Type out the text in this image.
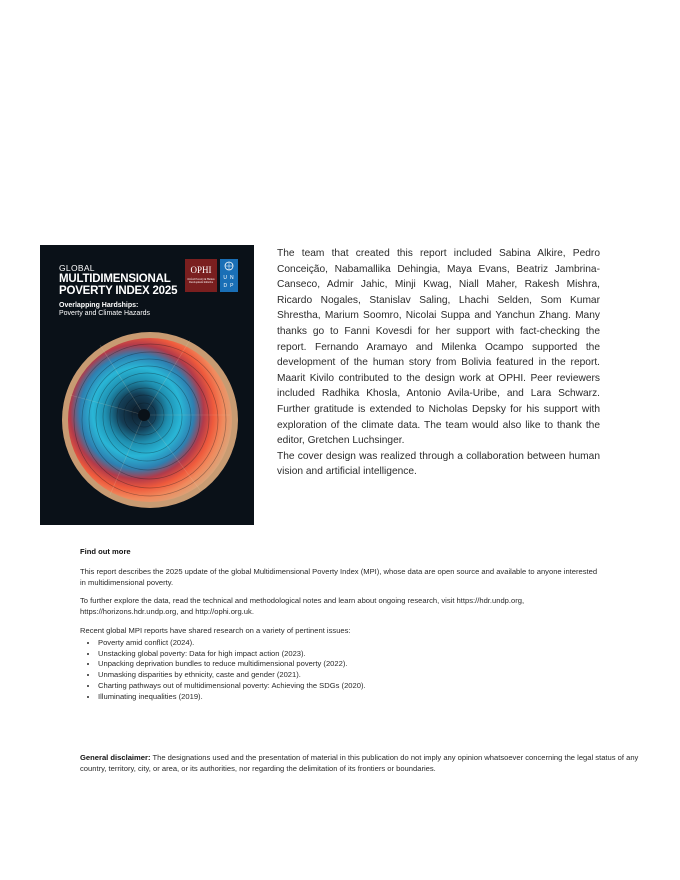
GLOBAL
MULTIDIMENSIONAL
POVERTY INDEX 2025
Overlapping Hardships:
Poverty and Climate Hazards
OPHI
Oxford Poverty & Human Development Initiative
UNDP

The team that created this report included Sabina Alkire, Pedro Conceição, Nabamallika Dehingia, Maya Evans, Beatriz Jambrina-Canseco, Admir Jahic, Minji Kwag, Niall Maher, Rakesh Mishra, Ricardo Nogales, Stanislav Saling, Lhachi Selden, Som Kumar Shrestha, Marium Soomro, Nicolai Suppa and Yanchun Zhang. Many thanks go to Fanni Kovesdi for her support with fact-checking the report. Fernando Aramayo and Milenka Ocampo supported the development of the human story from Bolivia featured in the report. Maarit Kivilo contributed to the design work at OPHI. Peer reviewers included Radhika Khosla, Antonio Avila-Uribe, and Lara Schwarz. Further gratitude is extended to Nicholas Depsky for his support with exploration of the climate data. The team would also like to thank the editor, Gretchen Luchsinger.

The cover design was realized through a collaboration between human vision and artificial intelligence.

Find out more

This report describes the 2025 update of the global Multidimensional Poverty Index (MPI), whose data are open source and available to anyone interested in multidimensional poverty.

To further explore the data, read the technical and methodological notes and learn about ongoing research, visit https://hdr.undp.org, https://horizons.hdr.undp.org, and http://ophi.org.uk.

Recent global MPI reports have shared research on a variety of pertinent issues:

• Poverty amid conflict (2024).
• Unstacking global poverty: Data for high impact action (2023).
• Unpacking deprivation bundles to reduce multidimensional poverty (2022).
• Unmasking disparities by ethnicity, caste and gender (2021).
• Charting pathways out of multidimensional poverty: Achieving the SDGs (2020).
• Illuminating inequalities (2019).

General disclaimer: The designations used and the presentation of material in this publication do not imply any opinion whatsoever concerning the legal status of any country, territory, city, or area, or its authorities, nor regarding the delimitation of its frontiers or boundaries.
